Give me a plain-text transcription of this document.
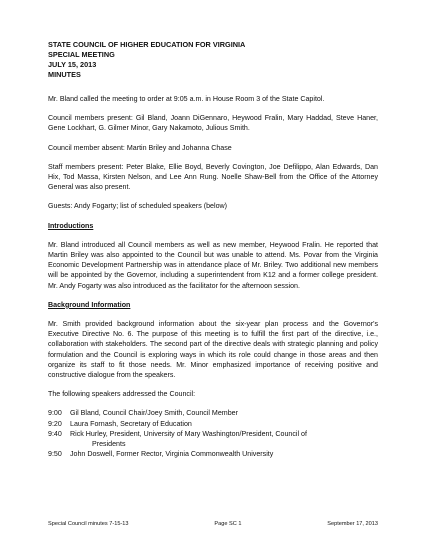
STATE COUNCIL OF HIGHER EDUCATION FOR VIRGINIA
SPECIAL MEETING
JULY 15, 2013
MINUTES

Mr. Bland called the meeting to order at 9:05 a.m. in House Room 3 of the State Capitol.

Council members present: Gil Bland, Joann DiGennaro, Heywood Fralin, Mary Haddad, Steve Haner, Gene Lockhart, G. Gilmer Minor, Gary Nakamoto, Julious Smith.

Council member absent: Martin Briley and Johanna Chase

Staff members present: Peter Blake, Ellie Boyd, Beverly Covington, Joe Defilippo, Alan Edwards, Dan Hix, Tod Massa, Kirsten Nelson, and Lee Ann Rung. Noelle Shaw-Bell from the Office of the Attorney General was also present.

Guests: Andy Fogarty; list of scheduled speakers (below)

Introductions

Mr. Bland introduced all Council members as well as new member, Heywood Fralin. He reported that Martin Briley was also appointed to the Council but was unable to attend. Ms. Povar from the Virginia Economic Development Partnership was in attendance place of Mr. Briley. Two additional new members will be appointed by the Governor, including a superintendent from K12 and a former college president. Mr. Andy Fogarty was also introduced as the facilitator for the afternoon session.

Background Information

Mr. Smith provided background information about the six-year plan process and the Governor's Executive Directive No. 6. The purpose of this meeting is to fulfill the first part of the directive, i.e., collaboration with stakeholders. The second part of the directive deals with strategic planning and policy formulation and the Council is exploring ways in which its role could change in those areas and then organize its staff to fit those needs. Mr. Minor emphasized importance of receiving positive and constructive dialogue from the speakers.

The following speakers addressed the Council:

9:00	Gil Bland, Council Chair/Joey Smith, Council Member
9:20	Laura Fornash, Secretary of Education
9:40	Rick Hurley, President, University of Mary Washington/President, Council of
Presidents
9:50	John Doswell, Former Rector, Virginia Commonwealth University
Special Council minutes 7-15-13	Page SC 1	September 17, 2013
